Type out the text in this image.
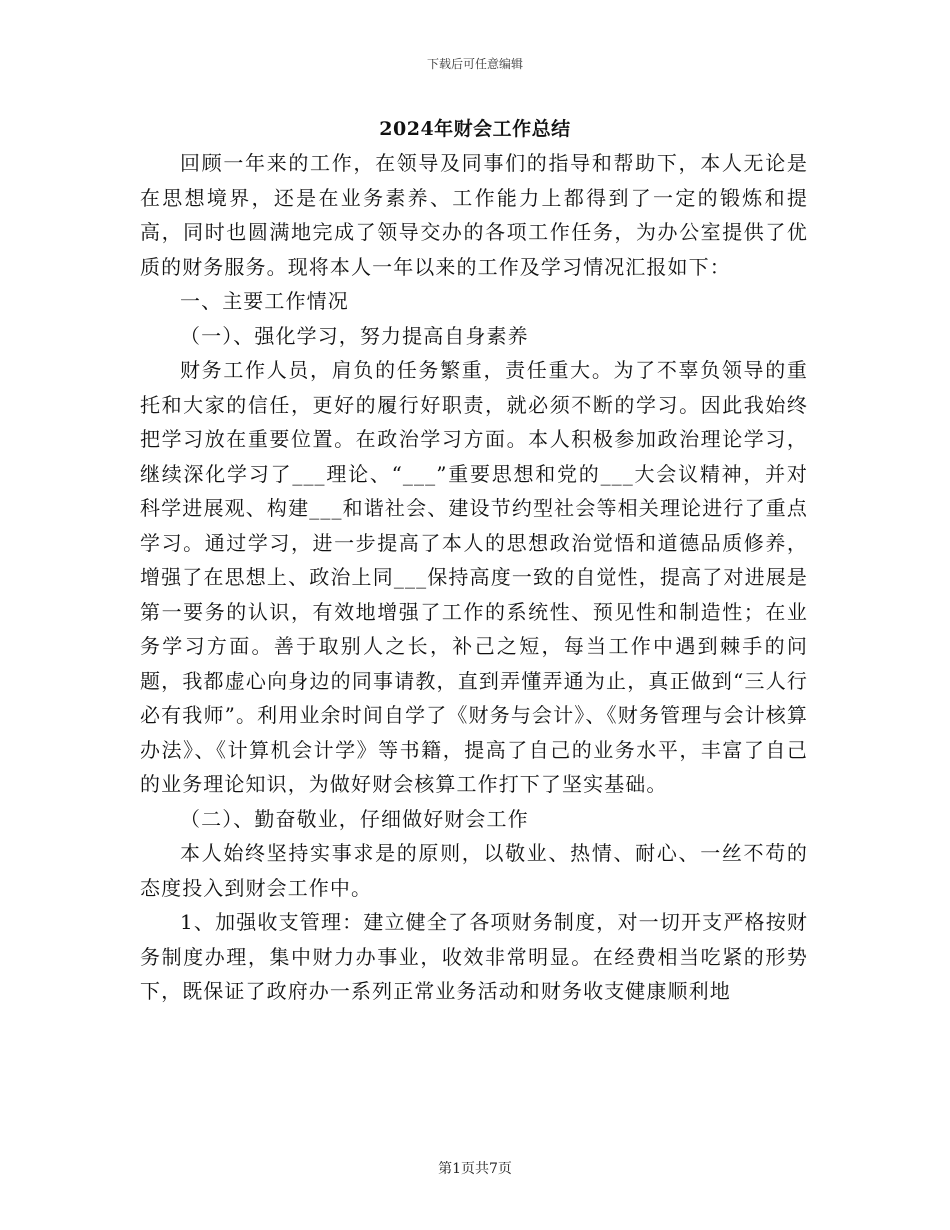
下载后可任意编辑
2024年财会工作总结

回顾一年来的工作，在领导及同事们的指导和帮助下，本人无论是在思想境界，还是在业务素养、工作能力上都得到了一定的锻炼和提高，同时也圆满地完成了领导交办的各项工作任务，为办公室提供了优质的财务服务。现将本人一年以来的工作及学习情况汇报如下：

一、主要工作情况

（一）、强化学习，努力提高自身素养

财务工作人员，肩负的任务繁重，责任重大。为了不辜负领导的重托和大家的信任，更好的履行好职责，就必须不断的学习。因此我始终把学习放在重要位置。在政治学习方面。本人积极参加政治理论学习，继续深化学习了___理论、“___”重要思想和党的___大会议精神，并对科学进展观、构建___和谐社会、建设节约型社会等相关理论进行了重点学习。通过学习，进一步提高了本人的思想政治觉悟和道德品质修养，增强了在思想上、政治上同___保持高度一致的自觉性，提高了对进展是第一要务的认识，有效地增强了工作的系统性、预见性和制造性；在业务学习方面。善于取别人之长，补己之短，每当工作中遇到棘手的问题，我都虚心向身边的同事请教，直到弄懂弄通为止，真正做到“三人行必有我师”。利用业余时间自学了《财务与会计》、《财务管理与会计核算办法》、《计算机会计学》等书籍，提高了自己的业务水平，丰富了自己的业务理论知识，为做好财会核算工作打下了坚实基础。

（二）、勤奋敬业，仔细做好财会工作

本人始终坚持实事求是的原则，以敬业、热情、耐心、一丝不苟的态度投入到财会工作中。

1、加强收支管理：建立健全了各项财务制度，对一切开支严格按财务制度办理，集中财力办事业，收效非常明显。在经费相当吃紧的形势下，既保证了政府办一系列正常业务活动和财务收支健康顺利地

第1页共7页
